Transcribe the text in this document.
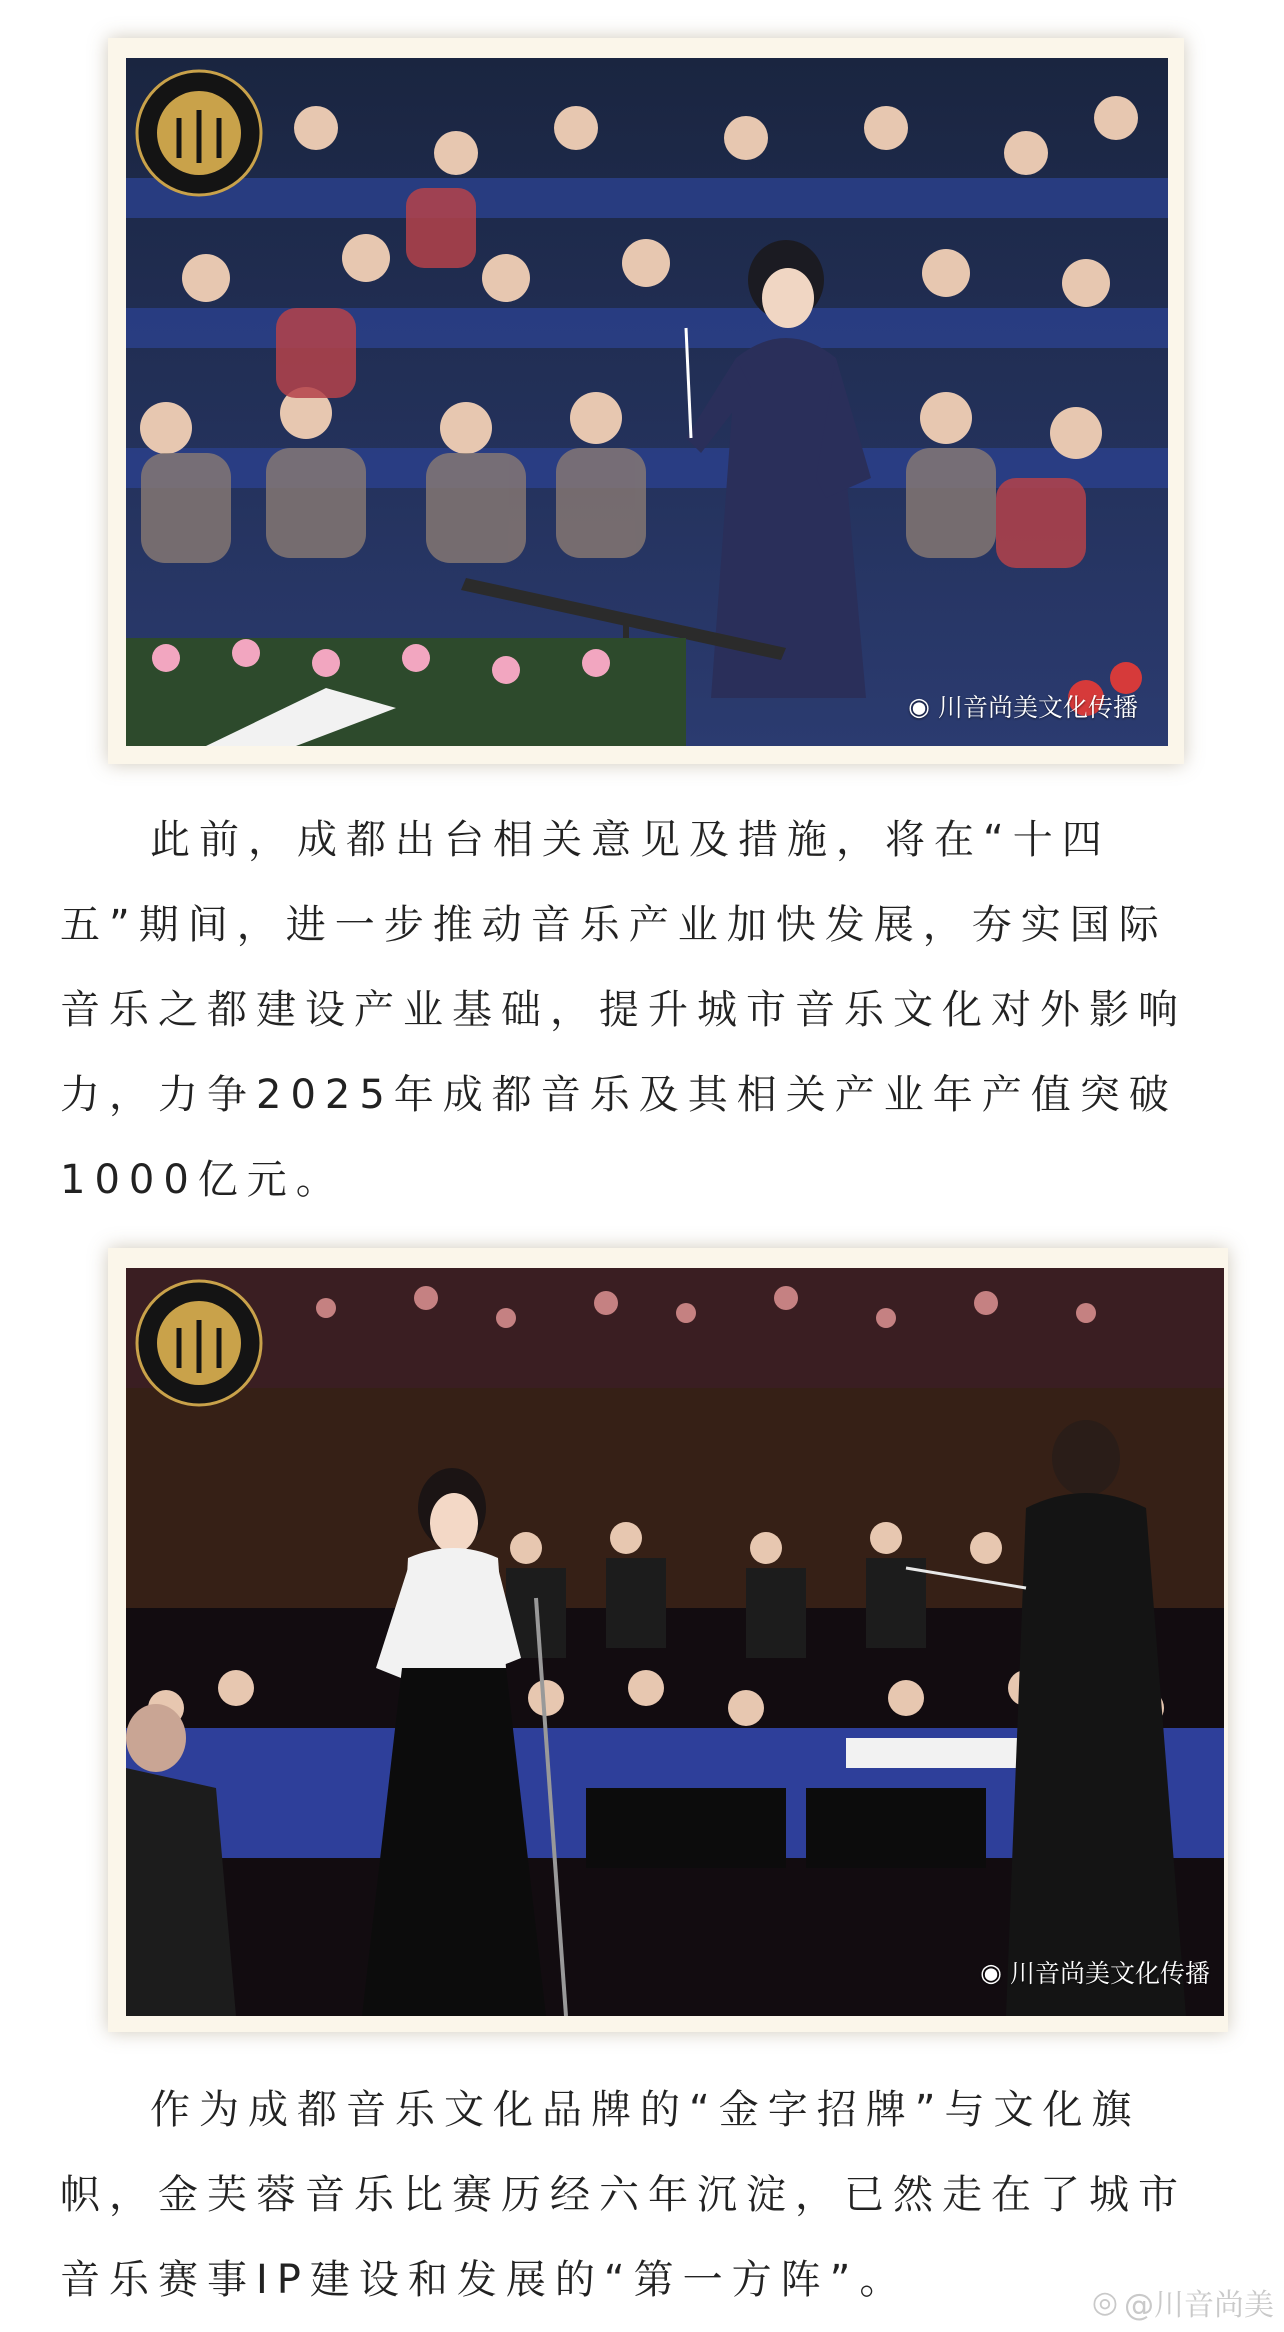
◉ 川音尚美文化传播

此前，成都出台相关意见及措施，将在“十四五”期间，进一步推动音乐产业加快发展，夯实国际音乐之都建设产业基础，提升城市音乐文化对外影响力，力争2025年成都音乐及其相关产业年产值突破1000亿元。

◉ 川音尚美文化传播

作为成都音乐文化品牌的“金字招牌”与文化旗帜，金芙蓉音乐比赛历经六年沉淀，已然走在了城市音乐赛事IP建设和发展的“第一方阵”。	◎ @川音尚美
